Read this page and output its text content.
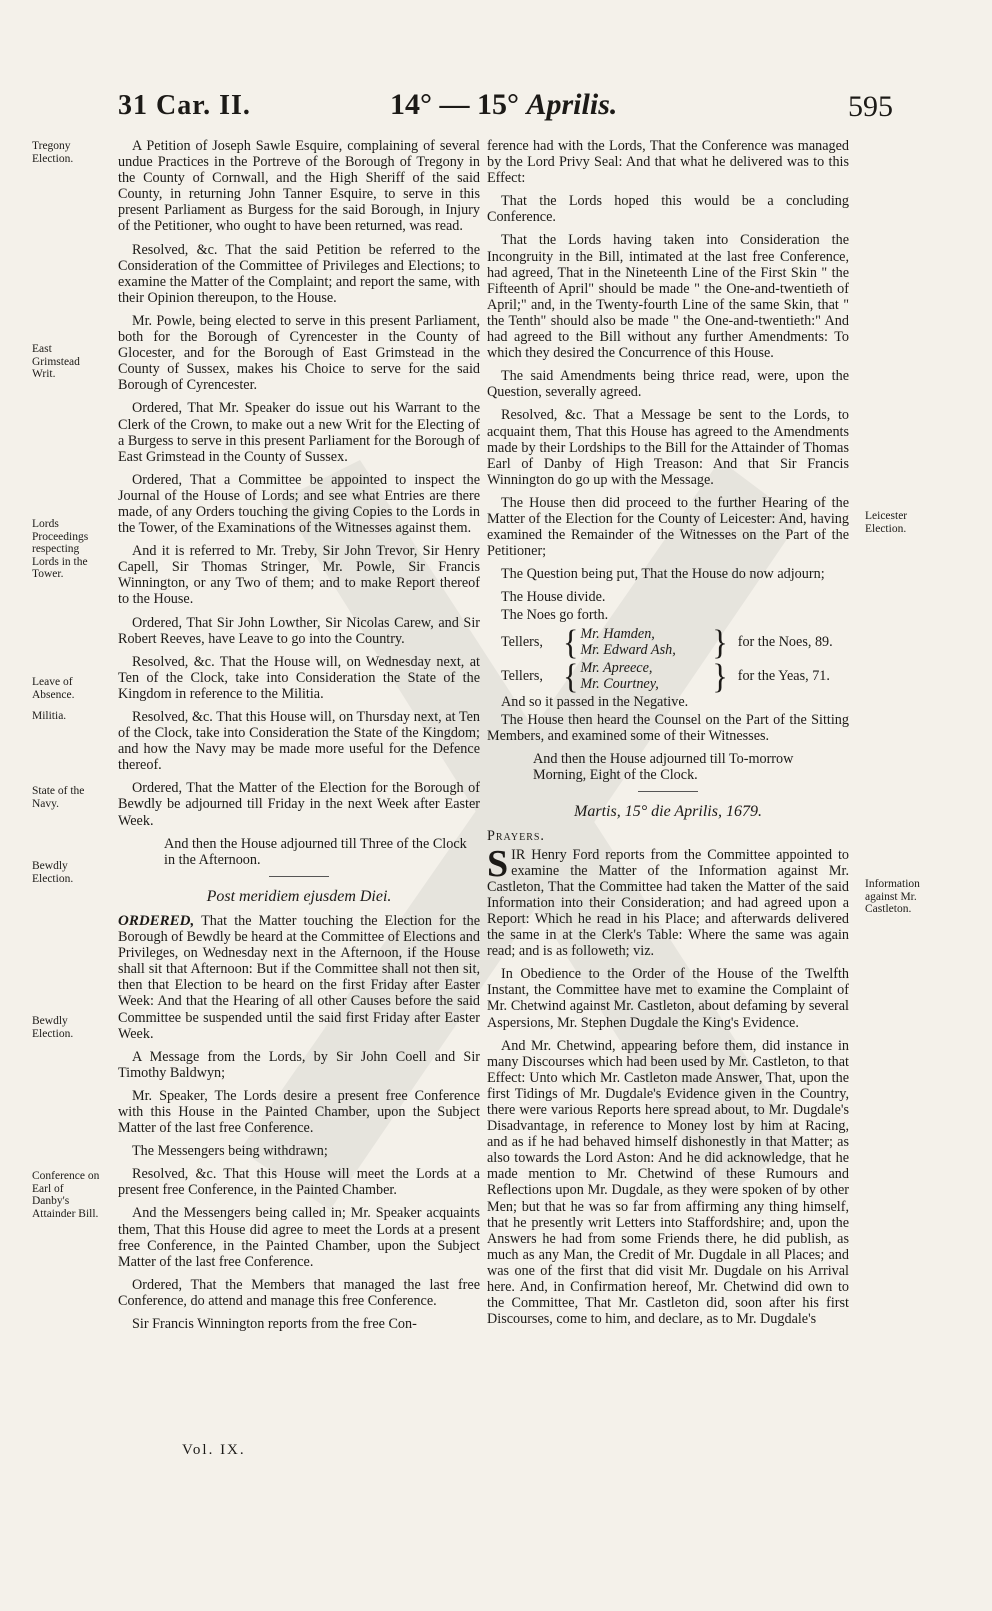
31 Car. II.	14° — 15° Aprilis.	595
Tregony Election.
East Grimstead Writ.
Lords Proceedings respecting Lords in the Tower.
Leave of Absence.
Militia.
State of the Navy.
Bewdly Election.
Bewdly Election.
Conference on Earl of Danby's Attainder Bill.
Leicester Election.
Information against Mr. Castleton.

A Petition of Joseph Sawle Esquire, complaining of several undue Practices in the Portreve of the Borough of Tregony in the County of Cornwall, and the High Sheriff of the said County, in returning John Tanner Esquire, to serve in this present Parliament as Burgess for the said Borough, in Injury of the Petitioner, who ought to have been returned, was read.

Resolved, &c. That the said Petition be referred to the Consideration of the Committee of Privileges and Elections; to examine the Matter of the Complaint; and report the same, with their Opinion thereupon, to the House.

Mr. Powle, being elected to serve in this present Parliament, both for the Borough of Cyrencester in the County of Glocester, and for the Borough of East Grimstead in the County of Sussex, makes his Choice to serve for the said Borough of Cyrencester.

Ordered, That Mr. Speaker do issue out his Warrant to the Clerk of the Crown, to make out a new Writ for the Electing of a Burgess to serve in this present Parliament for the Borough of East Grimstead in the County of Sussex.

Ordered, That a Committee be appointed to inspect the Journal of the House of Lords; and see what Entries are there made, of any Orders touching the giving Copies to the Lords in the Tower, of the Examinations of the Witnesses against them.

And it is referred to Mr. Treby, Sir John Trevor, Sir Henry Capell, Sir Thomas Stringer, Mr. Powle, Sir Francis Winnington, or any Two of them; and to make Report thereof to the House.

Ordered, That Sir John Lowther, Sir Nicolas Carew, and Sir Robert Reeves, have Leave to go into the Country.

Resolved, &c. That the House will, on Wednesday next, at Ten of the Clock, take into Consideration the State of the Kingdom in reference to the Militia.

Resolved, &c. That this House will, on Thursday next, at Ten of the Clock, take into Consideration the State of the Kingdom; and how the Navy may be made more useful for the Defence thereof.

Ordered, That the Matter of the Election for the Borough of Bewdly be adjourned till Friday in the next Week after Easter Week.

And then the House adjourned till Three of the Clock in the Afternoon.

Post meridiem ejusdem Diei.

ORDERED, That the Matter touching the Election for the Borough of Bewdly be heard at the Committee of Elections and Privileges, on Wednesday next in the Afternoon, if the House shall sit that Afternoon: But if the Committee shall not then sit, then that Election to be heard on the first Friday after Easter Week: And that the Hearing of all other Causes before the said Committee be suspended until the said first Friday after Easter Week.

A Message from the Lords, by Sir John Coell and Sir Timothy Baldwyn;

Mr. Speaker, The Lords desire a present free Conference with this House in the Painted Chamber, upon the Subject Matter of the last free Conference.

The Messengers being withdrawn;

Resolved, &c. That this House will meet the Lords at a present free Conference, in the Painted Chamber.

And the Messengers being called in; Mr. Speaker acquaints them, That this House did agree to meet the Lords at a present free Conference, in the Painted Chamber, upon the Subject Matter of the last free Conference.

Ordered, That the Members that managed the last free Conference, do attend and manage this free Conference.

Sir Francis Winnington reports from the free Con-

ference had with the Lords, That the Conference was managed by the Lord Privy Seal: And that what he delivered was to this Effect:

That the Lords hoped this would be a concluding Conference.

That the Lords having taken into Consideration the Incongruity in the Bill, intimated at the last free Conference, had agreed, That in the Nineteenth Line of the First Skin " the Fifteenth of April" should be made " the One-and-twentieth of April;" and, in the Twenty-fourth Line of the same Skin, that " the Tenth" should also be made " the One-and-twentieth:" And had agreed to the Bill without any further Amendments: To which they desired the Concurrence of this House.

The said Amendments being thrice read, were, upon the Question, severally agreed.

Resolved, &c. That a Message be sent to the Lords, to acquaint them, That this House has agreed to the Amendments made by their Lordships to the Bill for the Attainder of Thomas Earl of Danby of High Treason: And that Sir Francis Winnington do go up with the Message.

The House then did proceed to the further Hearing of the Matter of the Election for the County of Leicester: And, having examined the Remainder of the Witnesses on the Part of the Petitioner;

The Question being put, That the House do now adjourn;

The House divide.

The Noes go forth.

Tellers, { Mr. Hamden,
Mr. Edward Ash,	} for the Noes, 89.
Tellers, { Mr. Apreece,
Mr. Courtney,	} for the Yeas, 71.

And so it passed in the Negative.

The House then heard the Counsel on the Part of the Sitting Members, and examined some of their Witnesses.

And then the House adjourned till To-morrow Morning, Eight of the Clock.

Martis, 15° die Aprilis, 1679.

Prayers.

SIR Henry Ford reports from the Committee appointed to examine the Matter of the Information against Mr. Castleton, That the Committee had taken the Matter of the said Information into their Consideration; and had agreed upon a Report: Which he read in his Place; and afterwards delivered the same in at the Clerk's Table: Where the same was again read; and is as followeth; viz.

In Obedience to the Order of the House of the Twelfth Instant, the Committee have met to examine the Complaint of Mr. Chetwind against Mr. Castleton, about defaming by several Aspersions, Mr. Stephen Dugdale the King's Evidence.

And Mr. Chetwind, appearing before them, did instance in many Discourses which had been used by Mr. Castleton, to that Effect: Unto which Mr. Castleton made Answer, That, upon the first Tidings of Mr. Dugdale's Evidence given in the Country, there were various Reports here spread about, to Mr. Dugdale's Disadvantage, in reference to Money lost by him at Racing, and as if he had behaved himself dishonestly in that Matter; as also towards the Lord Aston: And he did acknowledge, that he made mention to Mr. Chetwind of these Rumours and Reflections upon Mr. Dugdale, as they were spoken of by other Men; but that he was so far from affirming any thing himself, that he presently writ Letters into Staffordshire; and, upon the Answers he had from some Friends there, he did publish, as much as any Man, the Credit of Mr. Dugdale in all Places; and was one of the first that did visit Mr. Dugdale on his Arrival here. And, in Confirmation hereof, Mr. Chetwind did own to the Committee, That Mr. Castleton did, soon after his first Discourses, come to him, and declare, as to Mr. Dugdale's

Vol. IX.
